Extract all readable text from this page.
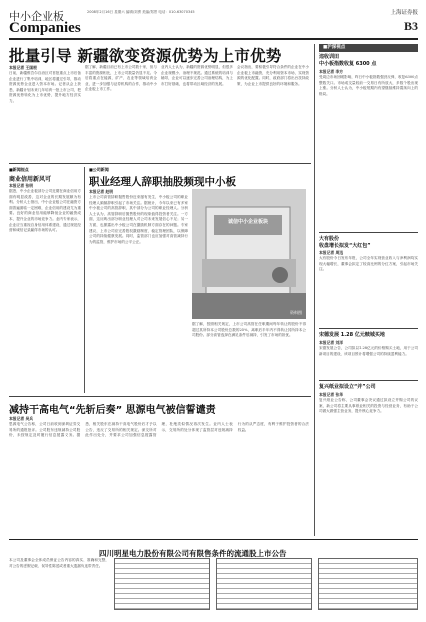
中小企业板
Companies
2008年2月16日 星期六 编辑/刘勇 美编/郑景 电话：010-63070345	上海证券报
B3
批量引导 新疆欲变资源优势为上市优势
本报记者 王国根
日前，新疆维吾尔自治区对首批重点上市后备企业进行了集中培训，地区将通过引导，推动资源优势企业进入资本市场。记者从会上获悉，新疆计划未来几年培育一批上市公司，把资源优势转化为上市优势，提升地方经济实力。
据了解，新疆目前已有上市公司数十家，但与丰富的资源相比，上市公司数量仍显不足。今后将重点在能源、矿产、农业等领域培育企业，进一步加强与证券机构的合作，推动中小企业板上市工作。
业内人士认为，新疆的资源优势明显，但很多企业规模小、治理不规范。通过系统的培训与辅导，企业可以逐步完善公司治理结构，为上市打好基础，也将带动区域经济的发展。
会议指出，要积极引导符合条件的企业在中小企业板上市融资，充分利用资本市场，实现资源的优化配置。同时，政府部门将出台扶持政策，为企业上市提供良好的环境和服务。
■沪深视点
违收训田
中小板指数收复 6300 点
本报记者 李方
受周边市场回暖影响，昨日中小板指数强劲反弹，收复6300点整数关口。市场成交量较前一交易日有所放大，多数个股出现上涨。分析人士认为，中小板短期内有望继续维持震荡向上的格局。
大有股份
收盘增长拟发“大红包”
本报记者 周迅
大有股份今日发布年报，公司全年实现营业收入与净利润均实现大幅增长，董事会拟定了较高比例的分红方案，引起市场关注。
宋德发展 1.28 亿元赎城买地
本报记者 刘洋
宋德发展公告，公司拟以1.28亿元的价格购买土地，用于公司新项目的建设，该项目预计将增强公司的持续盈利能力。
复兴纸业拟设立“并”公司
本报记者 张华
复兴纸业公告称，公司董事会决议通过拟设立并购公司的议案，新公司将主要从事纸业相关的投资与经营业务，有助于公司做大做强主营业务，提升核心竞争力。
■新闻视点
商业信用新风可
本报记者 张明
据悉，中小企业板部分公司近期在商业信用方面有明显改善，这对企业的长期发展颇为有利。分析人士指出，中小企业板公司在融资方面普遍面临一定困难，企业信用的建设尤为重要。良好的商业信用能够降低企业的融资成本，提升企业的市场竞争力。业内专家表示，企业应当重视自身信用体系建设，通过规范经营和诚信记录赢得市场的认可。
■公司新闻
职业经理人辞职抽股频现中小板
本报记者 赵明
上市公司高管辞职抛售股份近来屡有发生，中小板公司的职业经理人频频辞职引起了市场关注。据统计，今年以来已有多家中小板公司的高管辞职，其中部分为公司的职业经理人。分析人士认为，高管辞职后抛售股份的现象值得投资者关注。一方面，这反映出部分职业经理人对公司未来发展信心不足；另一方面，也暴露出中小板公司在激励机制方面存在的问题。专家建议，上市公司应完善股权激励制度，稳定管理团队，以保障公司的持续健康发展。同时，监管部门也应加强对高管减持行为的监管，维护市场的公平公正。
诚信中小企业板块
资料图
据了解，按照相关规定，上市公司高管在任职期间每年转让的股份不得超过其所持本公司股份总数的25%，离职后半年内不得转让其所持本公司股份。部分高管选择在满足条件后减持，引发了市场的担忧。
减持干高电气“先斩后奏” 思源电气被信誓谴责
本报记者 吴兵
思源电气公告称，公司日前收到深圳证券交易所的通报批评。公司股东违规减持公司股份，未按规定及时履行信息披露义务。据悉，相关股东在减持干高电气股份后才予以公告，违反了交易所的相关规定。深交所对此作出处分，并要求公司加强信息披露管理，杜绝类似情况再次发生。业内人士表示，交易所的处分体现了监管层对违规减持行为的从严态度，有利于维护投资者的合法权益。
四川明星电力股份有限公司有限售条件的流通股上市公告
本公司及董事会全体成员保证公告内容的真实、准确和完整，对公告的虚假记载、误导性陈述或者重大遗漏负连带责任。
